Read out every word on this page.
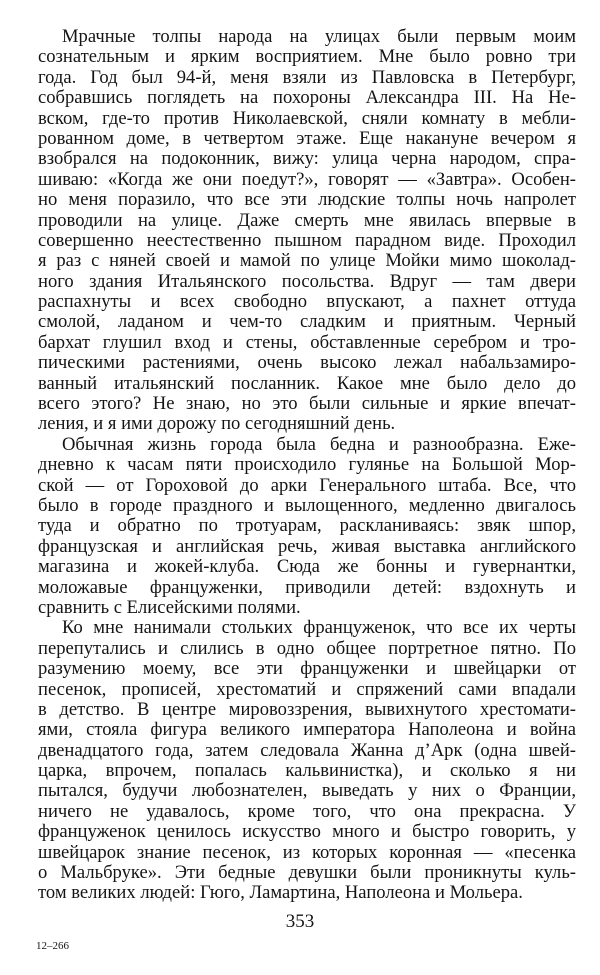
Мрачные толпы народа на улицах были первым моим
сознательным и ярким восприятием. Мне было ровно три
года. Год был 94-й, меня взяли из Павловска в Петербург,
собравшись поглядеть на похороны Александра III. На Не-
вском, где-то против Николаевской, сняли комнату в мебли-
рованном доме, в четвертом этаже. Еще накануне вечером я
взобрался на подоконник, вижу: улица черна народом, спра-
шиваю: «Когда же они поедут?», говорят — «Завтра». Особен-
но меня поразило, что все эти людские толпы ночь напролет
проводили на улице. Даже смерть мне явилась впервые в
совершенно неестественно пышном парадном виде. Проходил
я раз с няней своей и мамой по улице Мойки мимо шоколад-
ного здания Итальянского посольства. Вдруг — там двери
распахнуты и всех свободно впускают, а пахнет оттуда
смолой, ладаном и чем-то сладким и приятным. Черный
бархат глушил вход и стены, обставленные серебром и тро-
пическими растениями, очень высоко лежал набальзамиро-
ванный итальянский посланник. Какое мне было дело до
всего этого? Не знаю, но это были сильные и яркие впечат-
ления, и я ими дорожу по сегодняшний день.
Обычная жизнь города была бедна и разнообразна. Еже-
дневно к часам пяти происходило гулянье на Большой Мор-
ской — от Гороховой до арки Генерального штаба. Все, что
было в городе праздного и вылощенного, медленно двигалось
туда и обратно по тротуарам, раскланиваясь: звяк шпор,
французская и английская речь, живая выставка английского
магазина и жокей-клуба. Сюда же бонны и гувернантки,
моложавые француженки, приводили детей: вздохнуть и
сравнить с Елисейскими полями.
Ко мне нанимали стольких француженок, что все их черты
перепутались и слились в одно общее портретное пятно. По
разумению моему, все эти француженки и швейцарки от
песенок, прописей, хрестоматий и спряжений сами впадали
в детство. В центре мировоззрения, вывихнутого хрестомати-
ями, стояла фигура великого императора Наполеона и война
двенадцатого года, затем следовала Жанна д’Арк (одна швей-
царка, впрочем, попалась кальвинистка), и сколько я ни
пытался, будучи любознателен, выведать у них о Франции,
ничего не удавалось, кроме того, что она прекрасна. У
француженок ценилось искусство много и быстро говорить, у
швейцарок знание песенок, из которых коронная — «песенка
о Мальбруке». Эти бедные девушки были проникнуты куль-
том великих людей: Гюго, Ламартина, Наполеона и Мольера.
353
12–266
